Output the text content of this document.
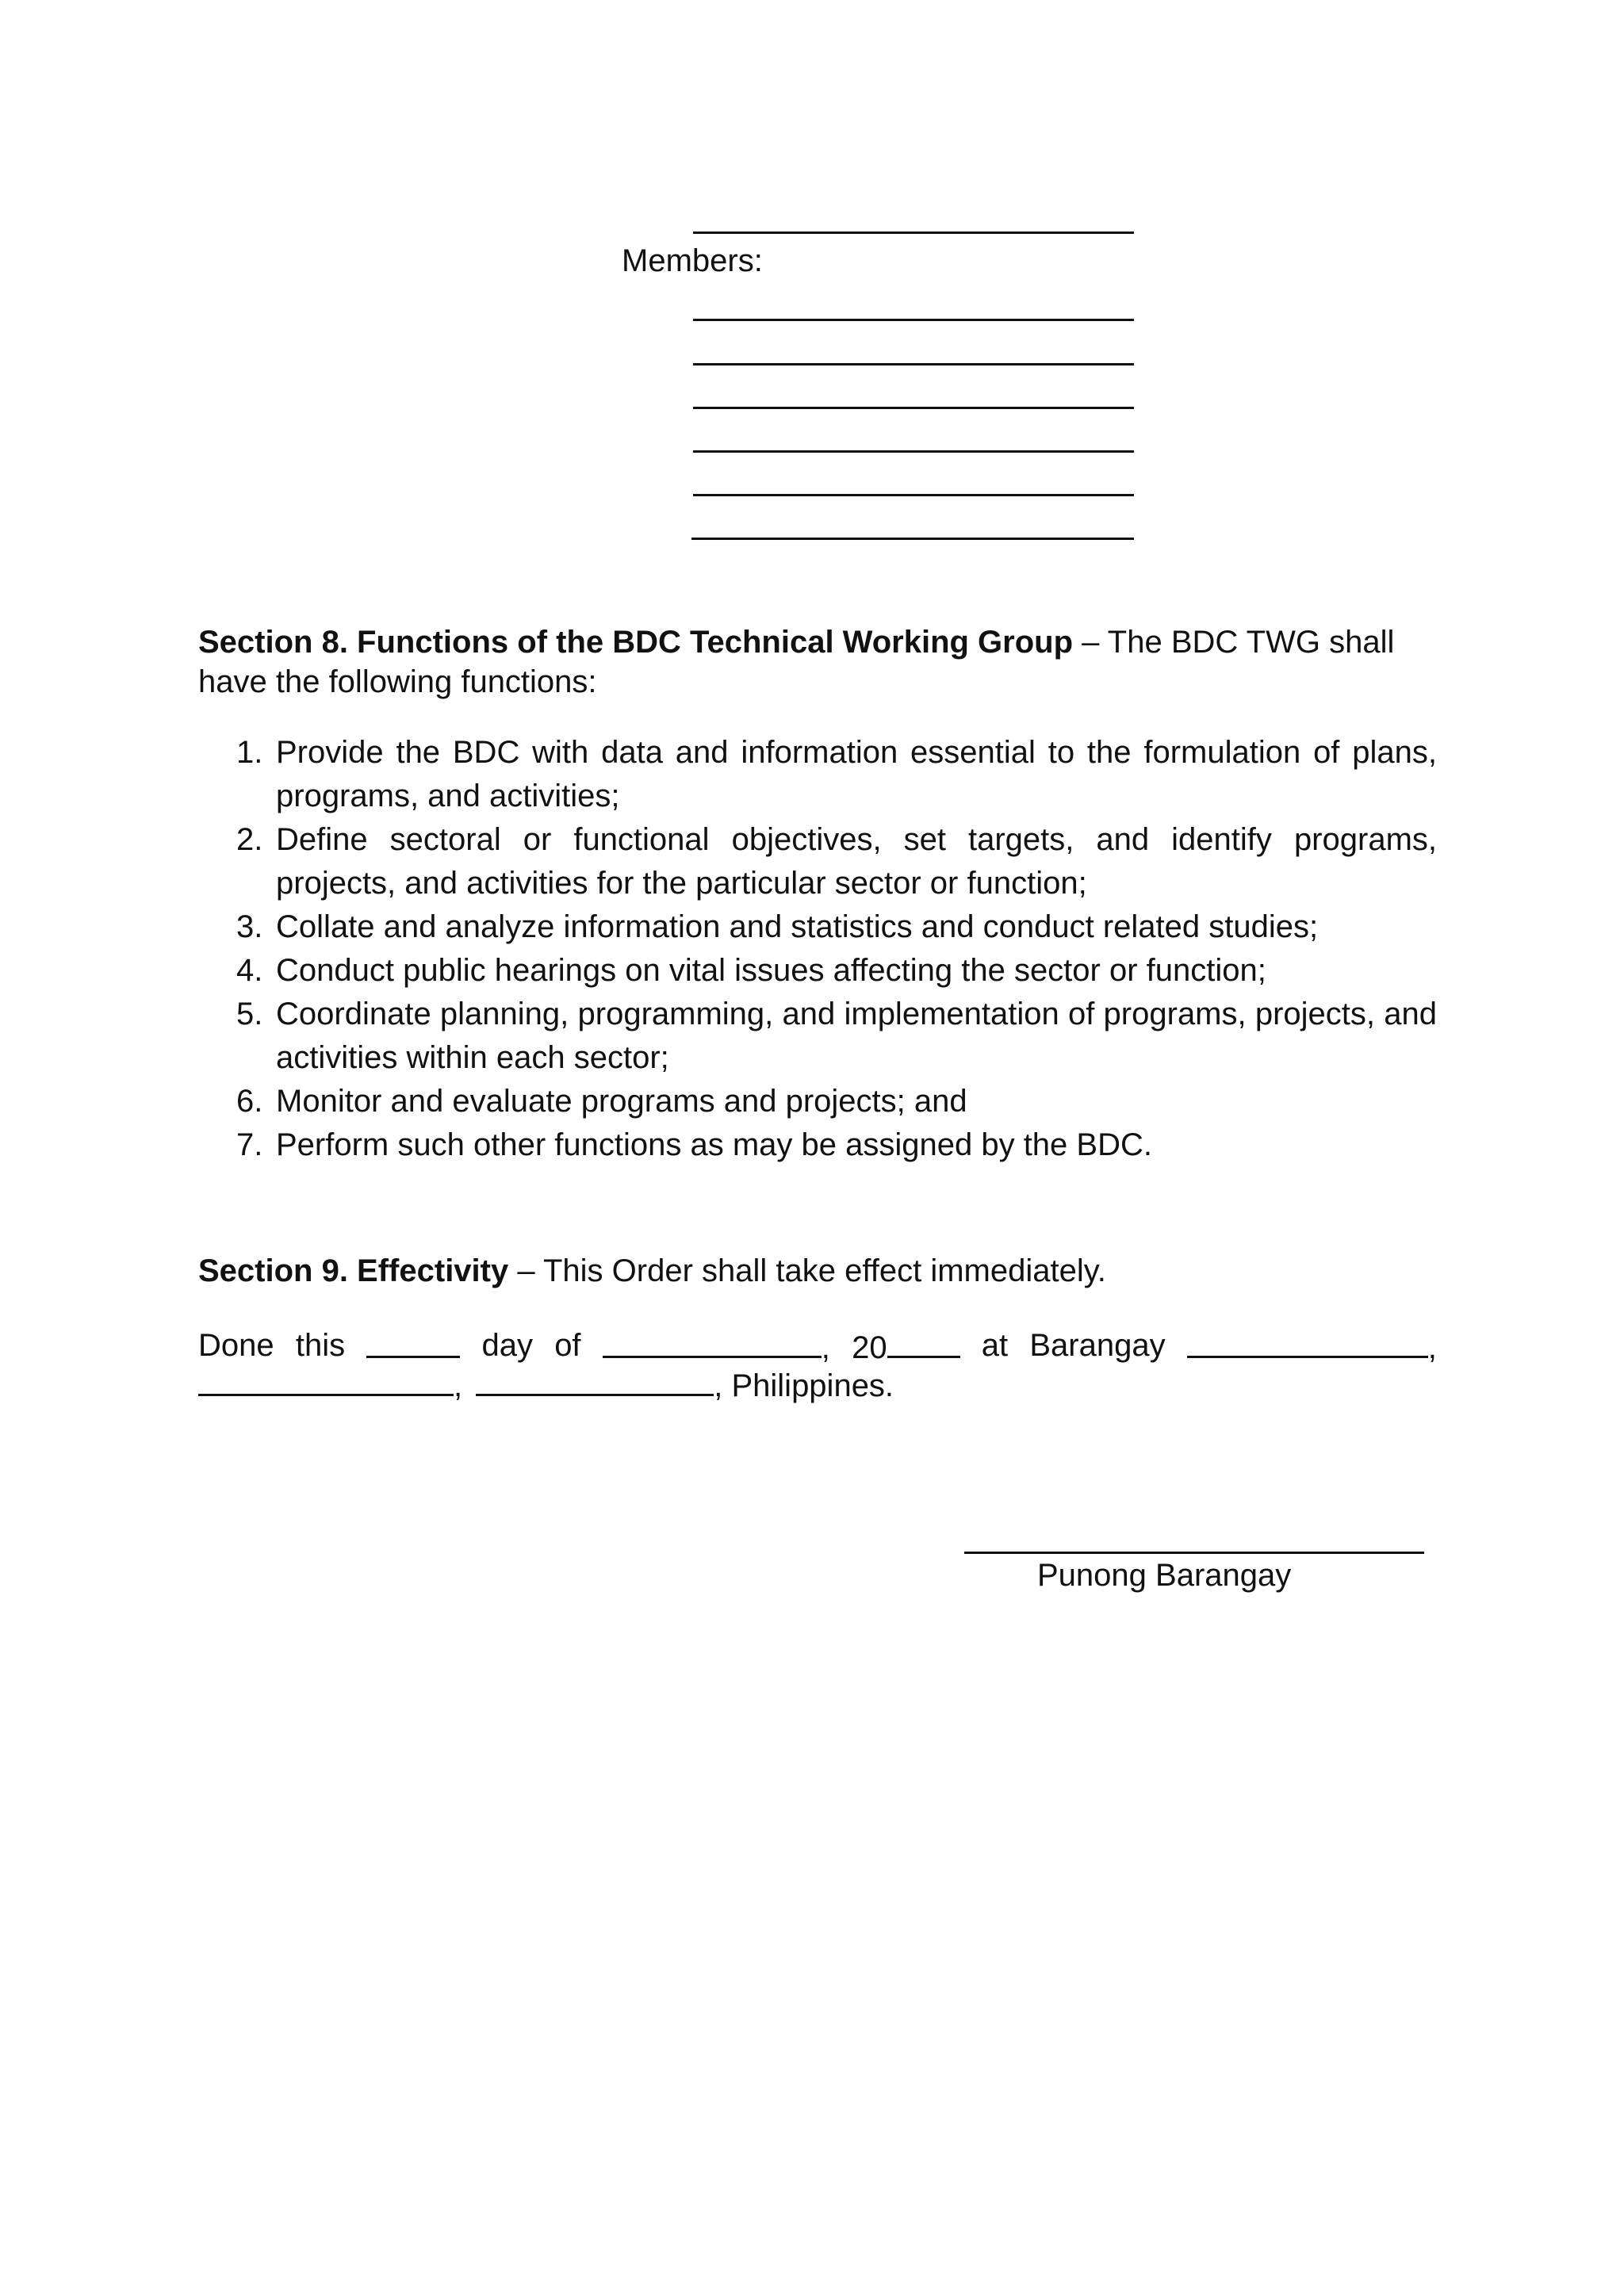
Members:
Section 8. Functions of the BDC Technical Working Group – The BDC TWG shall have the following functions:
1. Provide the BDC with data and information essential to the formulation of plans, programs, and activities;
2. Define sectoral or functional objectives, set targets, and identify programs, projects, and activities for the particular sector or function;
3. Collate and analyze information and statistics and conduct related studies;
4. Conduct public hearings on vital issues affecting the sector or function;
5. Coordinate planning, programming, and implementation of programs, projects, and activities within each sector;
6. Monitor and evaluate programs and projects; and
7. Perform such other functions as may be assigned by the BDC.
Section 9. Effectivity – This Order shall take effect immediately.
Done this	day of	, 20	at Barangay	,
,	, Philippines.
Punong Barangay
